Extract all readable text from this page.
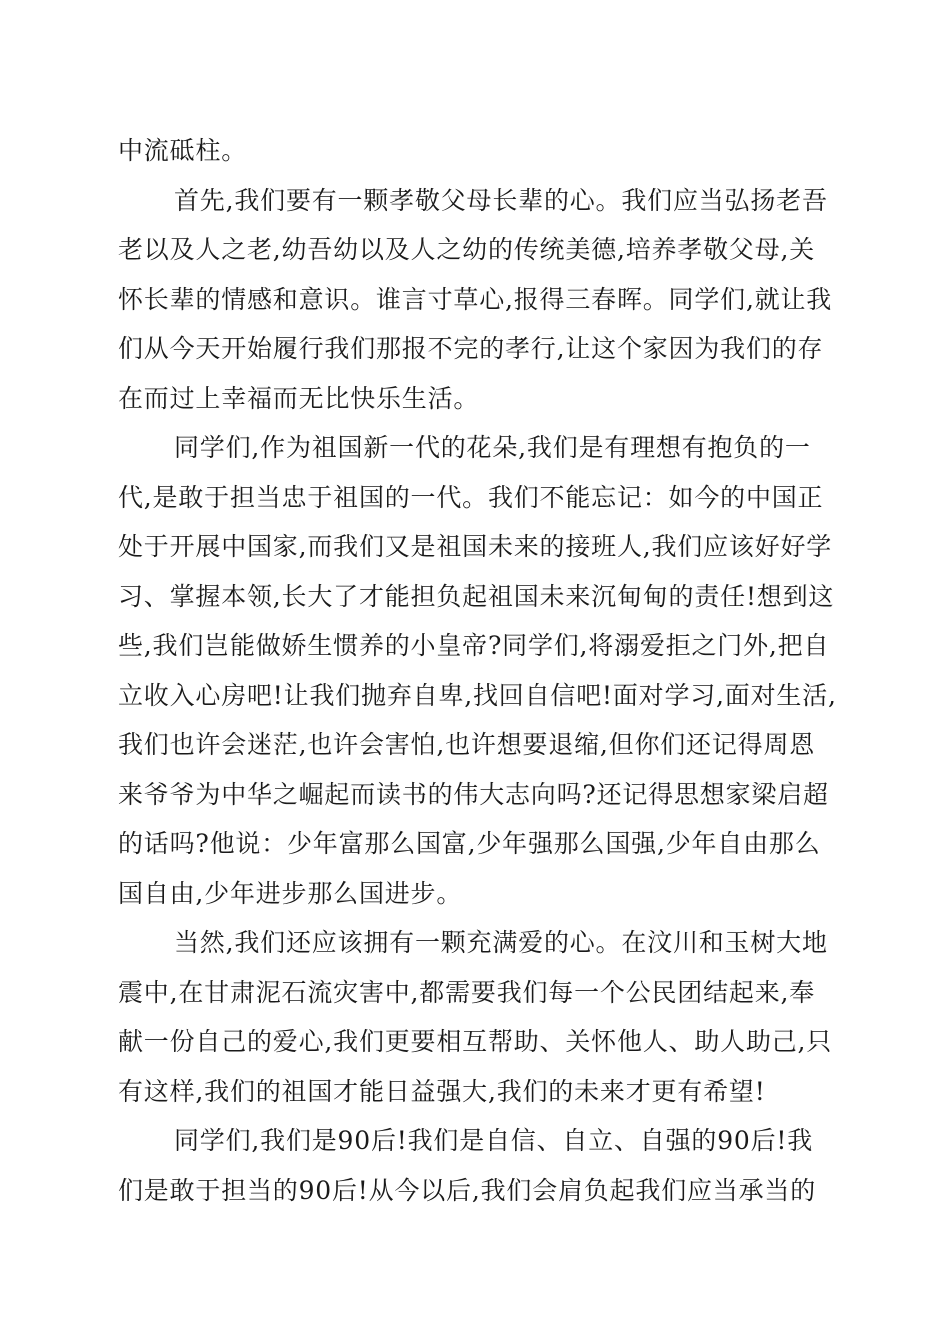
中流砥柱。
首先,我们要有一颗孝敬父母长辈的心。我们应当弘扬老吾
老以及人之老,幼吾幼以及人之幼的传统美德,培养孝敬父母,关
怀长辈的情感和意识。谁言寸草心,报得三春晖。同学们,就让我
们从今天开始履行我们那报不完的孝行,让这个家因为我们的存
在而过上幸福而无比快乐生活。
同学们,作为祖国新一代的花朵,我们是有理想有抱负的一
代,是敢于担当忠于祖国的一代。我们不能忘记：如今的中国正
处于开展中国家,而我们又是祖国未来的接班人,我们应该好好学
习、掌握本领,长大了才能担负起祖国未来沉甸甸的责任!想到这
些,我们岂能做娇生惯养的小皇帝?同学们,将溺爱拒之门外,把自
立收入心房吧!让我们抛弃自卑,找回自信吧!面对学习,面对生活,
我们也许会迷茫,也许会害怕,也许想要退缩,但你们还记得周恩
来爷爷为中华之崛起而读书的伟大志向吗?还记得思想家梁启超
的话吗?他说：少年富那么国富,少年强那么国强,少年自由那么
国自由,少年进步那么国进步。
当然,我们还应该拥有一颗充满爱的心。在汶川和玉树大地
震中,在甘肃泥石流灾害中,都需要我们每一个公民团结起来,奉
献一份自己的爱心,我们更要相互帮助、关怀他人、助人助己,只
有这样,我们的祖国才能日益强大,我们的未来才更有希望!
同学们,我们是90后!我们是自信、自立、自强的90后!我
们是敢于担当的90后!从今以后,我们会肩负起我们应当承当的
